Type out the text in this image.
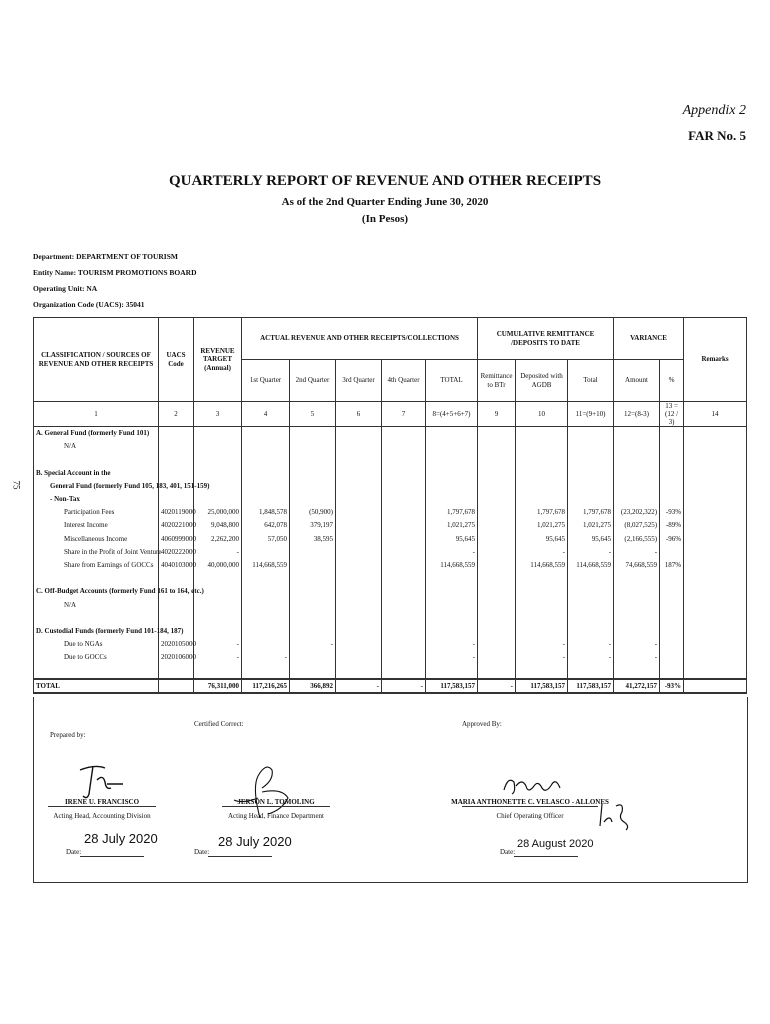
Appendix 2
FAR No. 5
QUARTERLY REPORT OF REVENUE AND OTHER RECEIPTS
As of the 2nd Quarter Ending June 30, 2020
(In Pesos)
Department: DEPARTMENT OF TOURISM
Entity Name: TOURISM PROMOTIONS BOARD
Operating Unit: NA
Organization Code (UACS): 35041
75
CLASSIFICATION / SOURCES OF REVENUE AND OTHER RECEIPTS	UACS Code	REVENUE TARGET (Annual)	ACTUAL REVENUE AND OTHER RECEIPTS/COLLECTIONS					CUMULATIVE REMITTANCE /DEPOSITS TO DATE			VARIANCE		Remarks
			1st Quarter	2nd Quarter	3rd Quarter	4th Quarter	TOTAL	Remittance to BTr	Deposited with AGDB	Total	Amount	%	
1	2	3	4	5	6	7	8=(4+5+6+7)	9	10	11=(9+10)	12=(8-3)	13 = (12 / 3)	14
A. General Fund (formerly Fund 101)													
N/A													

B. Special Account in the													
General Fund (formerly Fund 105, 183, 401, 151-159)													
- Non-Tax													
Participation Fees	4020119000	25,000,000	1,848,578	(50,900)			1,797,678		1,797,678	1,797,678	(23,202,322)	-93%	
Interest Income	4020221000	9,048,800	642,078	379,197			1,021,275		1,021,275	1,021,275	(8,027,525)	-89%	
Miscellaneous Income	4060999000	2,262,200	57,050	38,595			95,645		95,645	95,645	(2,166,555)	-96%	
Share in the Profit of Joint Venture	4020222000	-					-		-	-	-		
Share from Earnings of GOCCs	4040103000	40,000,000	114,668,559				114,668,559		114,668,559	114,668,559	74,668,559	187%	

C. Off-Budget Accounts (formerly Fund 161 to 164, etc.)													
N/A													

D. Custodial Funds (formerly Fund 101-184, 187)													
Due to NGAs	2020105000	-		-			-		-	-	-		
Due to GOCCs	2020106000	-	-				-		-	-	-		

TOTAL		76,311,000	117,216,265	366,892	-	-	117,583,157	-	117,583,157	117,583,157	41,272,157	-93%	
Prepared by:
Certified Correct:	Approved By:
IRENE U. FRANCISCO
Acting Head, Accounting Division
JERSON L. TOMOLING
Acting Head, Finance Department
MARIA ANTHONETTE C. VELASCO - ALLONES
Chief Operating Officer
Date:
28 July 2020
Date:
28 July 2020
Date:
28 August 2020
